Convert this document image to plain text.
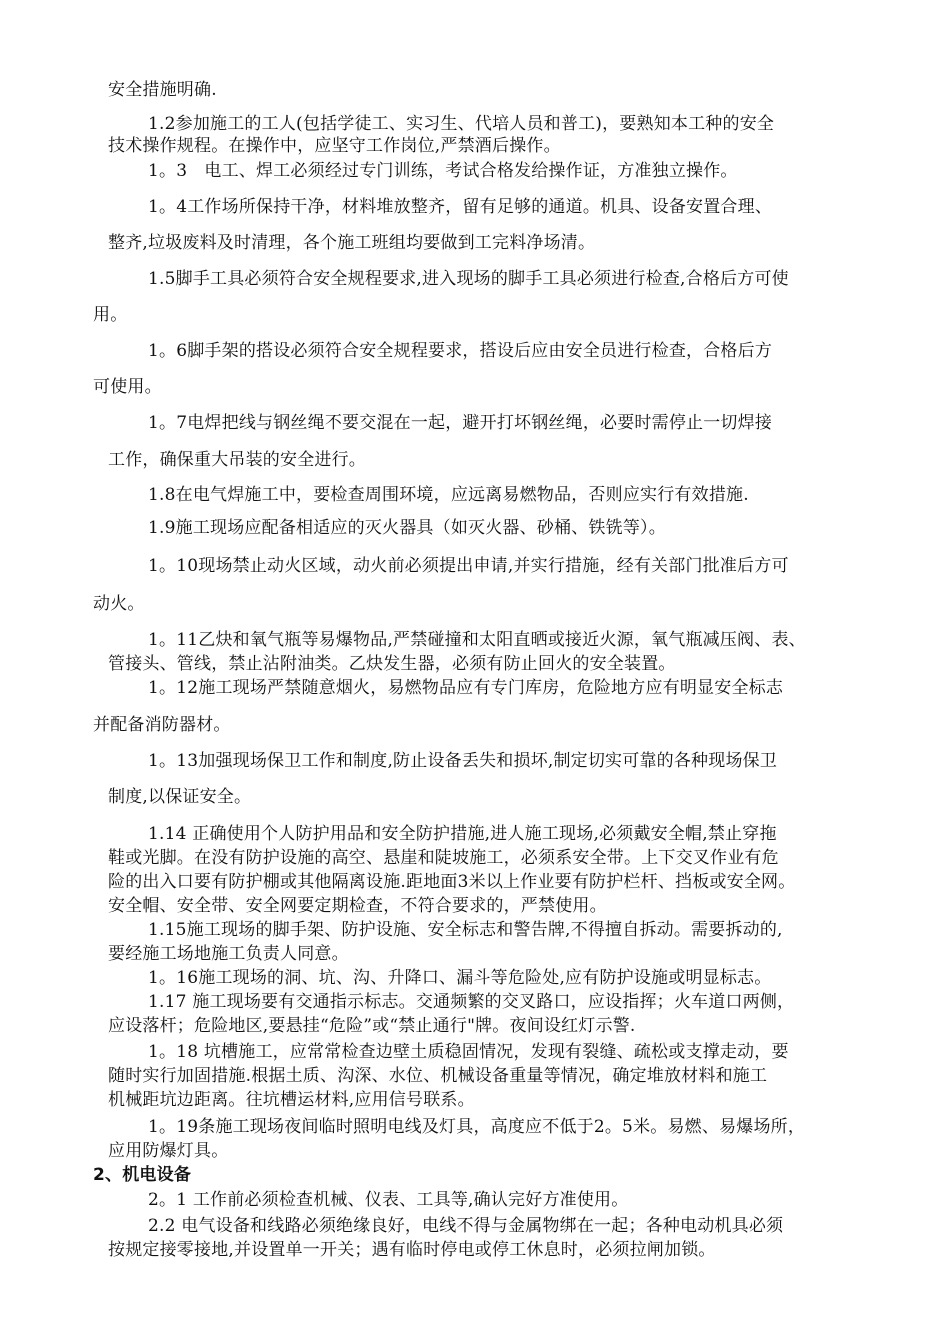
安全措施明确.

1.2参加施工的工人(包括学徒工、实习生、代培人员和普工)，要熟知本工种的安全

技术操作规程。在操作中，应坚守工作岗位,严禁酒后操作。

1。3　电工、焊工必须经过专门训练，考试合格发给操作证，方准独立操作。

1。4工作场所保持干净，材料堆放整齐，留有足够的通道。机具、设备安置合理、

整齐,垃圾废料及时清理，各个施工班组均要做到工完料净场清。

1.5脚手工具必须符合安全规程要求,进入现场的脚手工具必须进行检查,合格后方可使

用。

1。6脚手架的搭设必须符合安全规程要求，搭设后应由安全员进行检查，合格后方

可使用。

1。7电焊把线与钢丝绳不要交混在一起，避开打坏钢丝绳，必要时需停止一切焊接

工作，确保重大吊装的安全进行。

1.8在电气焊施工中，要检查周围环境，应远离易燃物品，否则应实行有效措施.

1.9施工现场应配备相适应的灭火器具（如灭火器、砂桶、铁铣等）。

1。10现场禁止动火区域，动火前必须提出申请,并实行措施，经有关部门批准后方可

动火。

1。11乙炔和氧气瓶等易爆物品,严禁碰撞和太阳直晒或接近火源，氧气瓶减压阀、表、

管接头、管线，禁止沾附油类。乙炔发生器，必须有防止回火的安全装置。

1。12施工现场严禁随意烟火，易燃物品应有专门库房，危险地方应有明显安全标志

并配备消防器材。

1。13加强现场保卫工作和制度,防止设备丢失和损坏,制定切实可靠的各种现场保卫

制度,以保证安全。

1.14 正确使用个人防护用品和安全防护措施,进人施工现场,必须戴安全帽,禁止穿拖

鞋或光脚。在没有防护设施的高空、悬崖和陡坡施工，必须系安全带。上下交叉作业有危

险的出入口要有防护棚或其他隔离设施.距地面3米以上作业要有防护栏杆、挡板或安全网。

安全帽、安全带、安全网要定期检查，不符合要求的，严禁使用。

1.15施工现场的脚手架、防护设施、安全标志和警告牌,不得擅自拆动。需要拆动的,

要经施工场地施工负责人同意。

1。16施工现场的洞、坑、沟、升降口、漏斗等危险处,应有防护设施或明显标志。

1.17 施工现场要有交通指示标志。交通频繁的交叉路口，应设指挥；火车道口两侧，

应设落杆；危险地区,要悬挂“危险”或“禁止通行"牌。夜间设红灯示警.

1。18 坑槽施工，应常常检查边壁土质稳固情况，发现有裂缝、疏松或支撑走动，要

随时实行加固措施.根据土质、沟深、水位、机械设备重量等情况，确定堆放材料和施工

机械距坑边距离。往坑槽运材料,应用信号联系。

1。19条施工现场夜间临时照明电线及灯具，高度应不低于2。5米。易燃、易爆场所，

应用防爆灯具。

2、机电设备

2。1 工作前必须检查机械、仪表、工具等,确认完好方准使用。

2.2 电气设备和线路必须绝缘良好，电线不得与金属物绑在一起；各种电动机具必须

按规定接零接地,并设置单一开关；遇有临时停电或停工休息时，必须拉闸加锁。
